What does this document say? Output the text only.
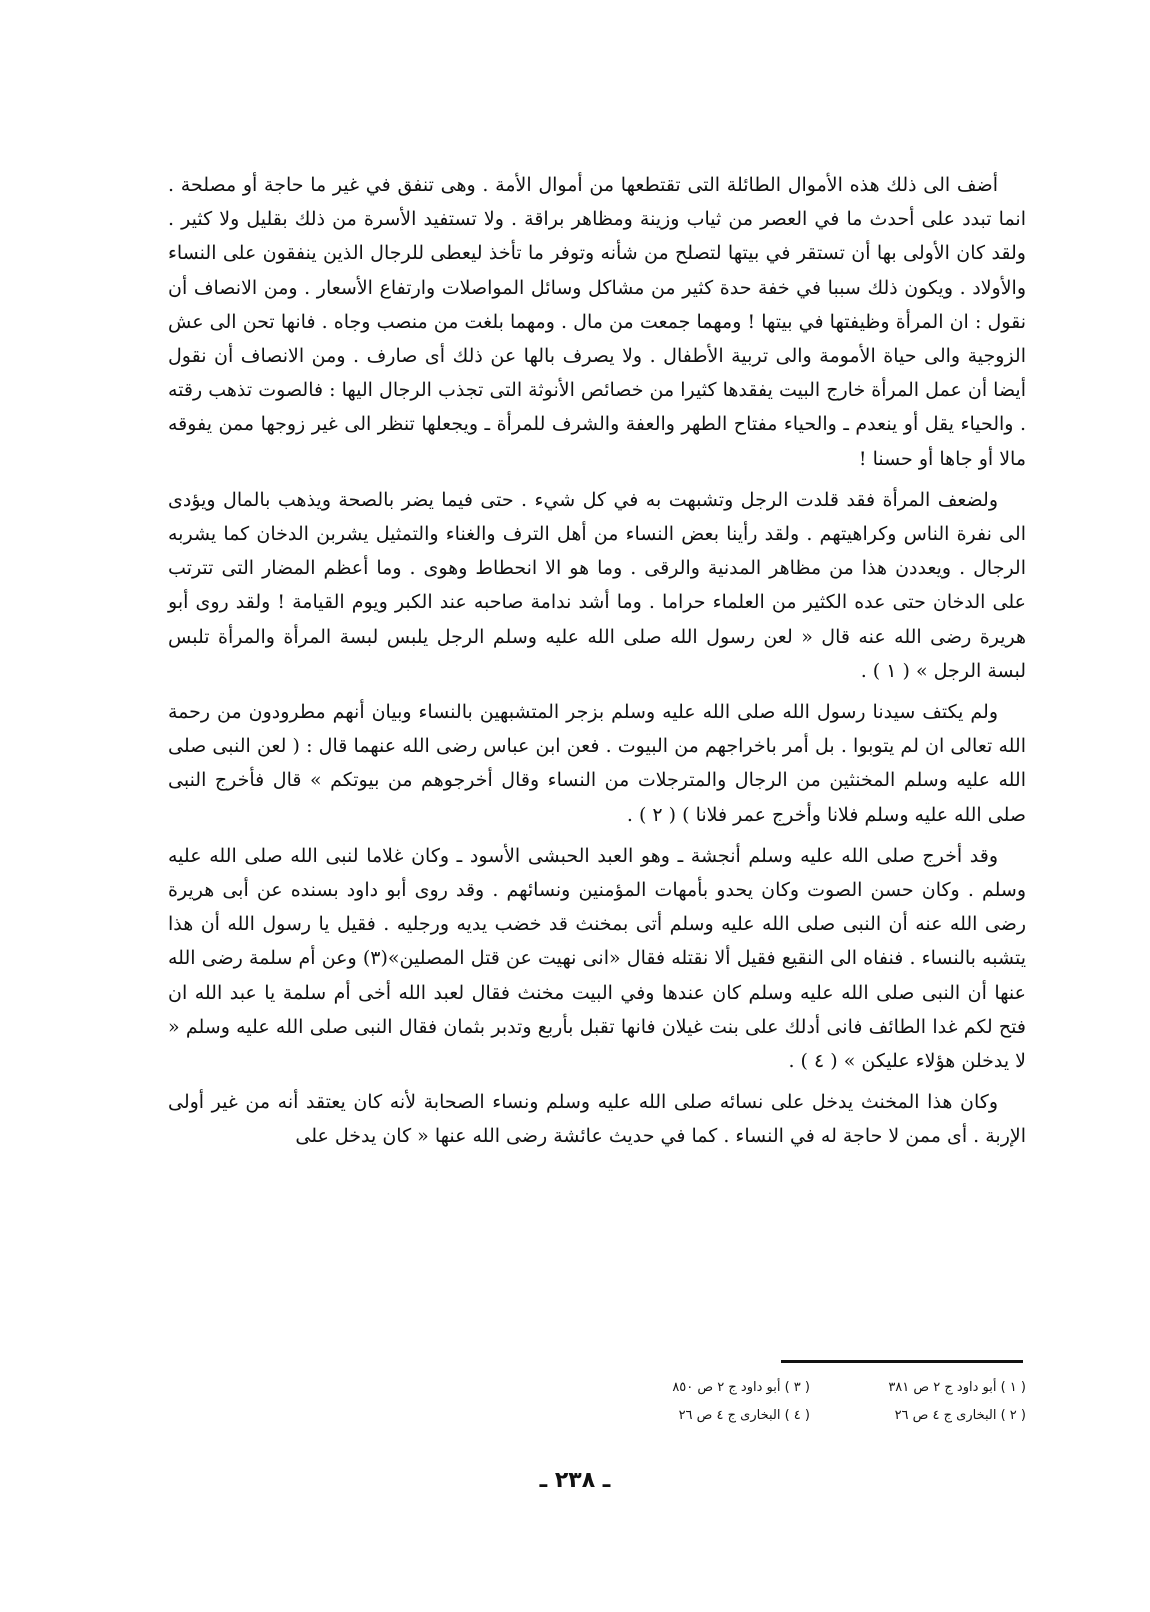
أضف الى ذلك هذه الأموال الطائلة التى تقتطعها من أموال الأمة . وهى تنفق في غير ما حاجة أو مصلحة . انما تبدد على أحدث ما في العصر من ثياب وزينة ومظاهر براقة . ولا تستفيد الأسرة من ذلك بقليل ولا كثير . ولقد كان الأولى بها أن تستقر في بيتها لتصلح من شأنه وتوفر ما تأخذ ليعطى للرجال الذين ينفقون على النساء والأولاد . ويكون ذلك سببا في خفة حدة كثير من مشاكل وسائل المواصلات وارتفاع الأسعار . ومن الانصاف أن نقول : ان المرأة وظيفتها في بيتها ! ومهما جمعت من مال . ومهما بلغت من منصب وجاه . فانها تحن الى عش الزوجية والى حياة الأمومة والى تربية الأطفال . ولا يصرف بالها عن ذلك أى صارف . ومن الانصاف أن نقول أيضا أن عمل المرأة خارج البيت يفقدها كثيرا من خصائص الأنوثة التى تجذب الرجال اليها : فالصوت تذهب رقته . والحياء يقل أو ينعدم ـ والحياء مفتاح الطهر والعفة والشرف للمرأة ـ ويجعلها تنظر الى غير زوجها ممن يفوقه مالا أو جاها أو حسنا !

ولضعف المرأة فقد قلدت الرجل وتشبهت به في كل شيء . حتى فيما يضر بالصحة ويذهب بالمال ويؤدى الى نفرة الناس وكراهيتهم . ولقد رأينا بعض النساء من أهل الترف والغناء والتمثيل يشربن الدخان كما يشربه الرجال . ويعددن هذا من مظاهر المدنية والرقى . وما هو الا انحطاط وهوى . وما أعظم المضار التى تترتب على الدخان حتى عده الكثير من العلماء حراما . وما أشد ندامة صاحبه عند الكبر ويوم القيامة ! ولقد روى أبو هريرة رضى الله عنه قال « لعن رسول الله صلى الله عليه وسلم الرجل يلبس لبسة المرأة والمرأة تلبس لبسة الرجل » ( ١ ) .

ولم يكتف سيدنا رسول الله صلى الله عليه وسلم بزجر المتشبهين بالنساء وبيان أنهم مطرودون من رحمة الله تعالى ان لم يتوبوا . بل أمر باخراجهم من البيوت . فعن ابن عباس رضى الله عنهما قال : ( لعن النبى صلى الله عليه وسلم المخنثين من الرجال والمترجلات من النساء وقال أخرجوهم من بيوتكم » قال فأخرج النبى صلى الله عليه وسلم فلانا وأخرج عمر فلانا ) ( ٢ ) .

وقد أخرج صلى الله عليه وسلم أنجشة ـ وهو العبد الحبشى الأسود ـ وكان غلاما لنبى الله صلى الله عليه وسلم . وكان حسن الصوت وكان يحدو بأمهات المؤمنين ونسائهم . وقد روى أبو داود بسنده عن أبى هريرة رضى الله عنه أن النبى صلى الله عليه وسلم أتى بمخنث قد خضب يديه ورجليه . فقيل يا رسول الله أن هذا يتشبه بالنساء . فنفاه الى النقيع فقيل ألا نقتله فقال «انى نهيت عن قتل المصلين»(٣) وعن أم سلمة رضى الله عنها أن النبى صلى الله عليه وسلم كان عندها وفي البيت مخنث فقال لعبد الله أخى أم سلمة يا عبد الله ان فتح لكم غدا الطائف فانى أدلك على بنت غيلان فانها تقبل بأربع وتدبر بثمان فقال النبى صلى الله عليه وسلم « لا يدخلن هؤلاء عليكن » ( ٤ ) .

وكان هذا المخنث يدخل على نسائه صلى الله عليه وسلم ونساء الصحابة لأنه كان يعتقد أنه من غير أولى الإربة . أى ممن لا حاجة له في النساء . كما في حديث عائشة رضى الله عنها « كان يدخل على

( ١ ) أبو داود ج ٢ ص ٣٨١
( ٣ ) أبو داود ج ٢ ص ٨٥٠
( ٢ ) البخارى ج ٤ ص ٢٦
( ٤ ) البخارى ج ٤ ص ٢٦
ـ ٢٣٨ ـ
